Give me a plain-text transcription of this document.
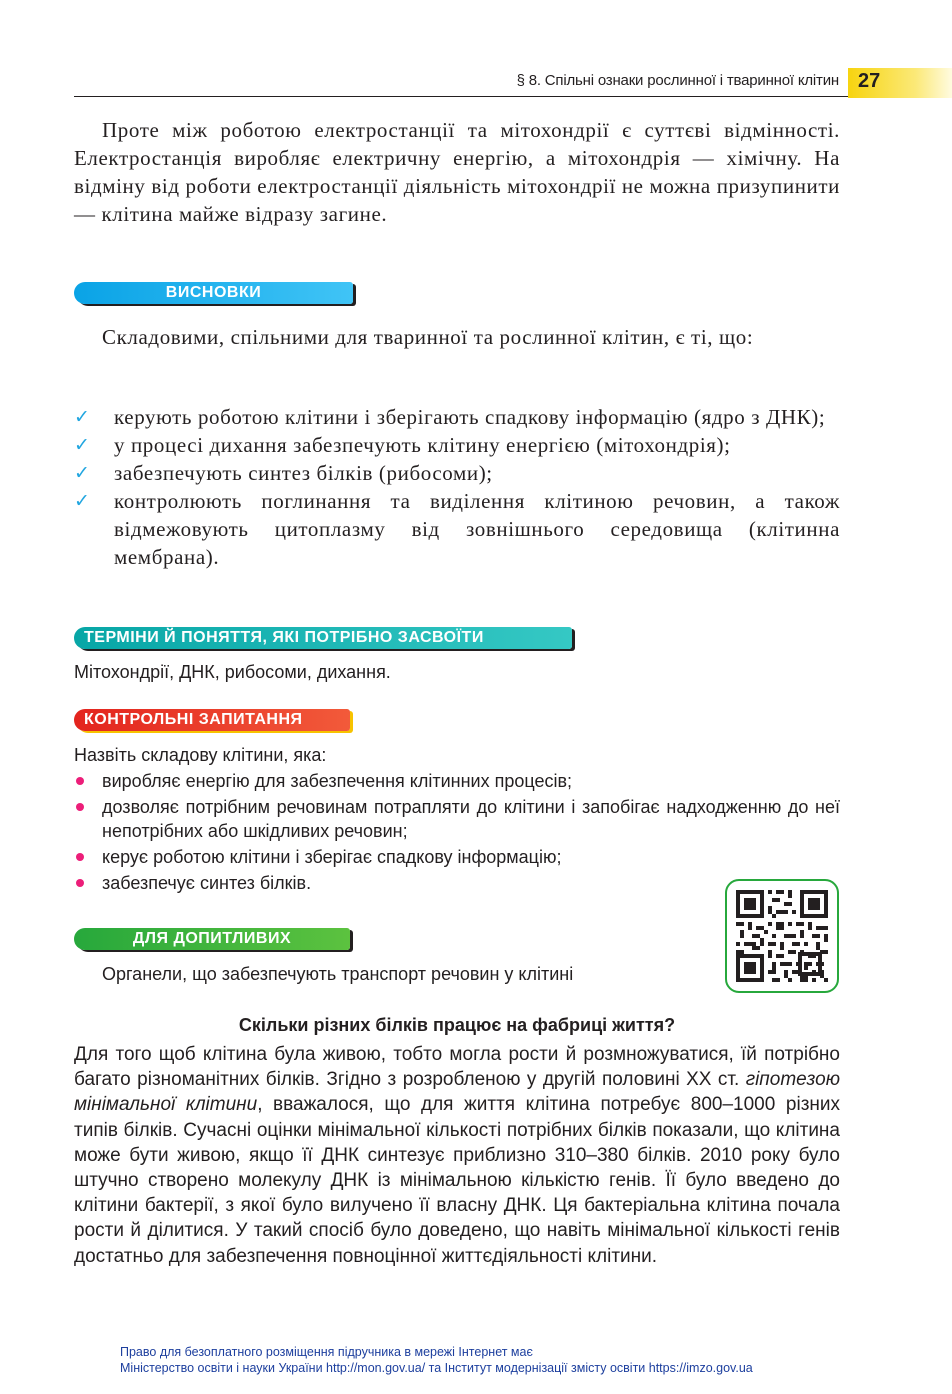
§ 8. Спільні ознаки рослинної і тваринної клітин 27

Проте між роботою електростанції та мітохондрії є суттєві відмінності. Електростанція виробляє електричну енергію, а мітохондрія — хімічну. На відміну від роботи електростанції діяльність мітохондрії не можна призупинити — клітина майже відразу загине.

ВИСНОВКИ

Складовими, спільними для тваринної та рослинної клітин, є ті, що:

✓ керують роботою клітини і зберігають спадкову інформацію (ядро з ДНК);
✓ у процесі дихання забезпечують клітину енергією (мітохондрія);
✓ забезпечують синтез білків (рибосоми);
✓ контролюють поглинання та виділення клітиною речовин, а також відмежовують цитоплазму від зовнішнього середовища (клітинна мембрана).
ТЕРМІНИ Й ПОНЯТТЯ, ЯКІ ПОТРІБНО ЗАСВОЇТИ

Мітохондрії, ДНК, рибосоми, дихання.

КОНТРОЛЬНІ ЗАПИТАННЯ

Назвіть складову клітини, яка:

виробляє енергію для забезпечення клітинних процесів;
дозволяє потрібним речовинам потрапляти до клітини і запобігає надходженню до неї непотрібних або шкідливих речовин;
керує роботою клітини і зберігає спадкову інформацію;
забезпечує синтез білків.
ДЛЯ ДОПИТЛИВИХ

Органели, що забезпечують транспорт речовин у клітині

Скільки різних білків працює на фабриці життя?

Для того щоб клітина була живою, тобто могла рости й розмножуватися, їй потрібно багато різноманітних білків. Згідно з розробленою у другій половині XX ст. гіпотезою мінімальної клітини, вважалося, що для життя клітина потребує 800–1000 різних типів білків. Сучасні оцінки мінімальної кількості потрібних білків показали, що клітина може бути живою, якщо її ДНК синтезує приблизно 310–380 білків. 2010 року було штучно створено молекулу ДНК із мінімальною кількістю генів. Її було введено до клітини бактерії, з якої було вилучено її власну ДНК. Ця бактеріальна клітина почала рости й ділитися. У такий спосіб було доведено, що навіть мінімальної кількості генів достатньо для забезпечення повноцінної життєдіяльності клітини.

Право для безоплатного розміщення підручника в мережі Інтернет має
Міністерство освіти і науки України http://mon.gov.ua/ та Інститут модернізації змісту освіти https://imzo.gov.ua
